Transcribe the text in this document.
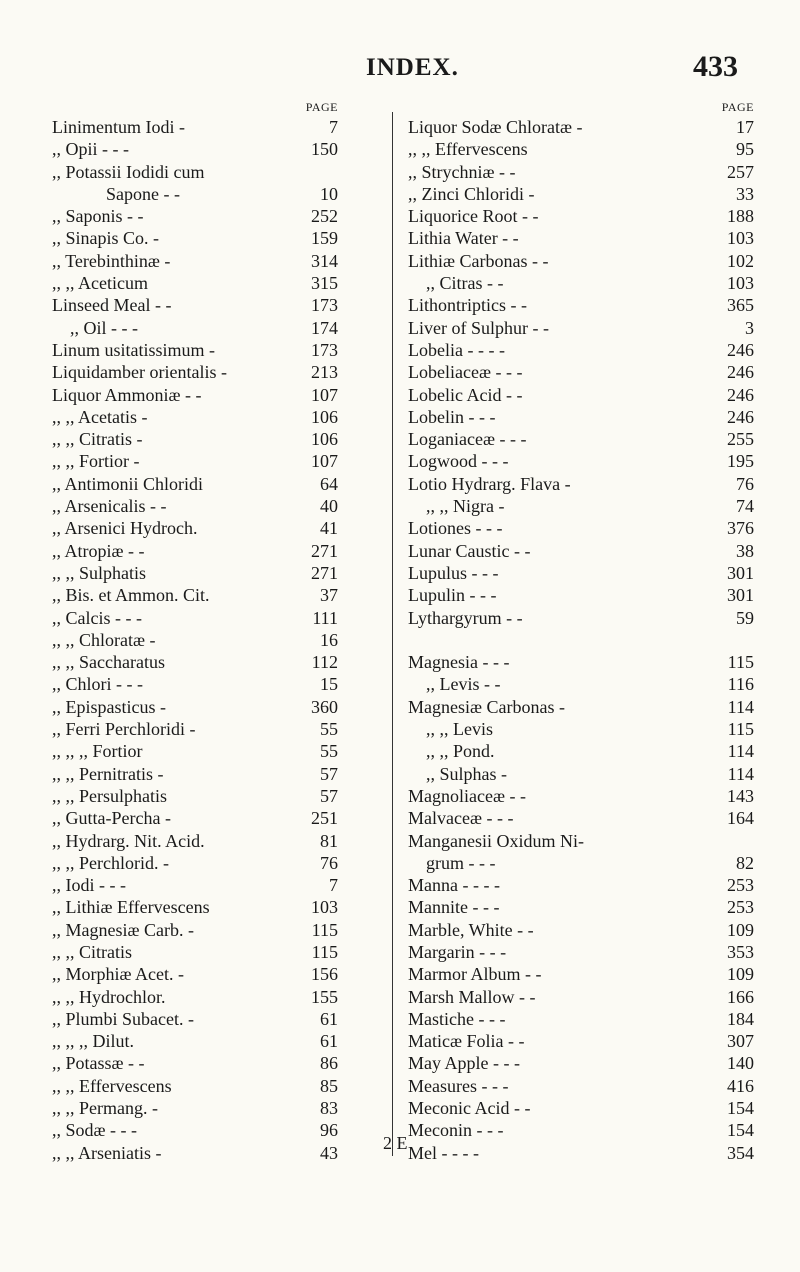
INDEX.	433
PAGE
Linimentum Iodi -	7
,, Opii - - -	150
,, Potassii Iodidi cum
Sapone - -	10
,, Saponis - -	252
,, Sinapis Co. -	159
,, Terebinthinæ -	314
,, ,, Aceticum	315
Linseed Meal - -	173
,, Oil - - -	174
Linum usitatissimum -	173
Liquidamber orientalis -	213
Liquor Ammoniæ - -	107
,, ,, Acetatis -	106
,, ,, Citratis -	106
,, ,, Fortior -	107
,, Antimonii Chloridi	64
,, Arsenicalis - -	40
,, Arsenici Hydroch.	41
,, Atropiæ - -	271
,, ,, Sulphatis	271
,, Bis. et Ammon. Cit.	37
,, Calcis - - -	111
,, ,, Chloratæ -	16
,, ,, Saccharatus	112
,, Chlori - - -	15
,, Epispasticus -	360
,, Ferri Perchloridi -	55
,, ,, ,, Fortior	55
,, ,, Pernitratis -	57
,, ,, Persulphatis	57
,, Gutta-Percha -	251
,, Hydrarg. Nit. Acid.	81
,, ,, Perchlorid. -	76
,, Iodi - - -	7
,, Lithiæ Effervescens	103
,, Magnesiæ Carb. -	115
,, ,, Citratis	115
,, Morphiæ Acet. -	156
,, ,, Hydrochlor.	155
,, Plumbi Subacet. -	61
,, ,, ,, Dilut.	61
,, Potassæ - -	86
,, ,, Effervescens	85
,, ,, Permang. -	83
,, Sodæ - - -	96
,, ,, Arseniatis -	43
PAGE
Liquor Sodæ Chloratæ -	17
,, ,, Effervescens	95
,, Strychniæ - -	257
,, Zinci Chloridi -	33
Liquorice Root - -	188
Lithia Water - -	103
Lithiæ Carbonas - -	102
,, Citras - -	103
Lithontriptics - -	365
Liver of Sulphur - -	3
Lobelia - - - -	246
Lobeliaceæ - - -	246
Lobelic Acid - -	246
Lobelin - - -	246
Loganiaceæ - - -	255
Logwood - - -	195
Lotio Hydrarg. Flava -	76
,, ,, Nigra -	74
Lotiones - - -	376
Lunar Caustic - -	38
Lupulus - - -	301
Lupulin - - -	301
Lythargyrum - -	59
Magnesia - - -	115
,, Levis - -	116
Magnesiæ Carbonas -	114
,, ,, Levis	115
,, ,, Pond.	114
,, Sulphas -	114
Magnoliaceæ - -	143
Malvaceæ - - -	164
Manganesii Oxidum Ni-
grum - - -	82
Manna - - - -	253
Mannite - - -	253
Marble, White - -	109
Margarin - - -	353
Marmor Album - -	109
Marsh Mallow - -	166
Mastiche - - -	184
Maticæ Folia - -	307
May Apple - - -	140
Measures - - -	416
Meconic Acid - -	154
Meconin - - -	154
Mel - - - -	354
2 E
